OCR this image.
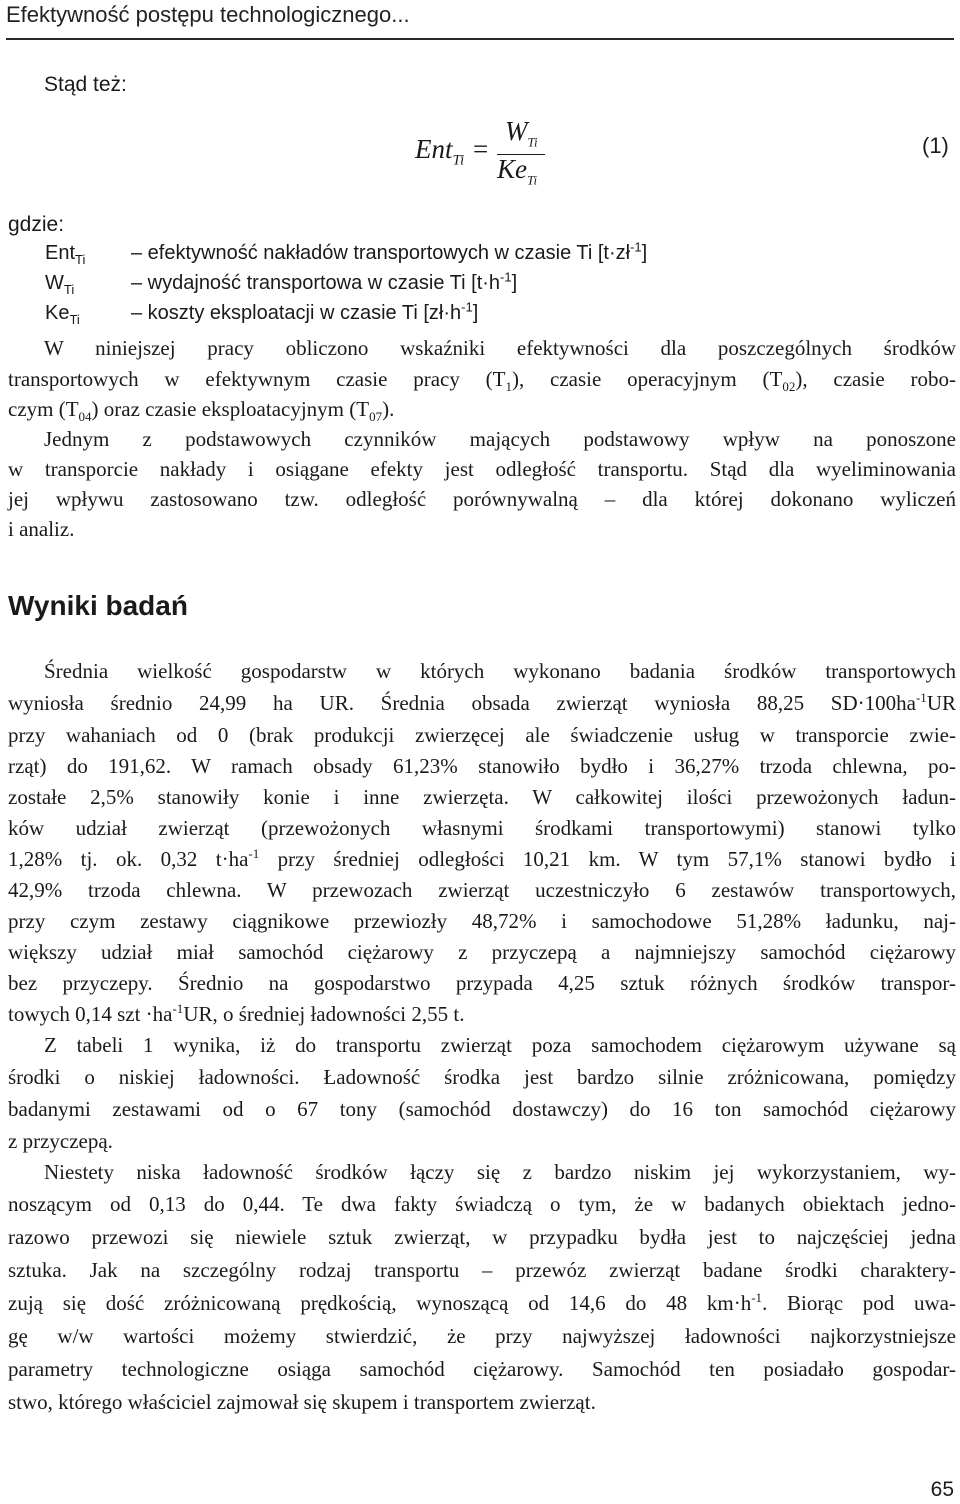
Efektywność postępu technologicznego...
Stąd też:
Ent$_{Ti}$ =
$W_{Ti}$
$Ke_{Ti}$
(1)
gdzie:
Ent$_{Ti}$ – efektywność nakładów transportowych w czasie Ti $[t\cdot zł^{-1}]$
$W_{Ti}$	– wydajność transportowa w czasie Ti $[t\cdot h^{-1}]$
$Ke_{Ti}$	– koszty eksploatacji w czasie Ti $[zł\cdot h^{-1}]$
W niniejszej pracy obliczono wskaźniki efektywności dla poszczególnych środków
transportowych w efektywnym czasie pracy $(T_1)$, czasie operacyjnym $(T_{02})$, czasie robo-
czym $(T_{04})$ oraz czasie eksploatacyjnym $(T_{07})$.
Jednym z podstawowych czynników mających podstawowy wpływ na ponoszone
w transporcie nakłady i osiągane efekty jest odległość transportu. Stąd dla wyeliminowania
jej wpływu zastosowano tzw. odległość porównywalną – dla której dokonano wyliczeń
i analiz.
Wyniki badań
Średnia wielkość gospodarstw w których wykonano badania środków transportowych
wyniosła średnio 24,99 ha UR. Średnia obsada zwierząt wyniosła 88,25 $SD\cdot 100ha^{-1}UR$
przy wahaniach od 0 (brak produkcji zwierzęcej ale świadczenie usług w transporcie zwie-
rząt) do 191,62. W ramach obsady 61,23% stanowiło bydło i 36,27% trzoda chlewna, po-
zostałe 2,5% stanowiły konie i inne zwierzęta. W całkowitej ilości przewożonych ładun-
ków udział zwierząt (przewożonych własnymi środkami transportowymi) stanowi tylko
1,28% tj. ok. 0,32 $t\cdot ha^{-1}$ przy średniej odległości 10,21 km. W tym 57,1% stanowi bydło i
42,9% trzoda chlewna. W przewozach zwierząt uczestniczyło 6 zestawów transportowych,
przy czym zestawy ciągnikowe przewiozły 48,72% i samochodowe 51,28% ładunku, naj-
większy udział miał samochód ciężarowy z przyczepą a najmniejszy samochód ciężarowy
bez przyczepy. Średnio na gospodarstwo przypada 4,25 sztuk różnych środków transpor-
towych 0,14 szt $\cdot ha^{-1}UR$, o średniej ładowności 2,55 t.
Z tabeli 1 wynika, iż do transportu zwierząt poza samochodem ciężarowym używane są
środki o niskiej ładowności. Ładowność środka jest bardzo silnie zróżnicowana, pomiędzy
badanymi zestawami od o 67 tony (samochód dostawczy) do 16 ton samochód ciężarowy
z przyczepą.
Niestety niska ładowność środków łączy się z bardzo niskim jej wykorzystaniem, wy-
noszącym od 0,13 do 0,44. Te dwa fakty świadczą o tym, że w badanych obiektach jedno-
razowo przewozi się niewiele sztuk zwierząt, w przypadku bydła jest to najczęściej jedna
sztuka. Jak na szczególny rodzaj transportu – przewóz zwierząt badane środki charaktery-
zują się dość zróżnicowaną prędkością, wynoszącą od 14,6 do 48 $km\cdot h^{-1}$. Biorąc pod uwa-
gę w/w wartości możemy stwierdzić, że przy najwyższej ładowności najkorzystniejsze
parametry technologiczne osiąga samochód ciężarowy. Samochód ten posiadało gospodar-
stwo, którego właściciel zajmował się skupem i transportem zwierząt.
65
